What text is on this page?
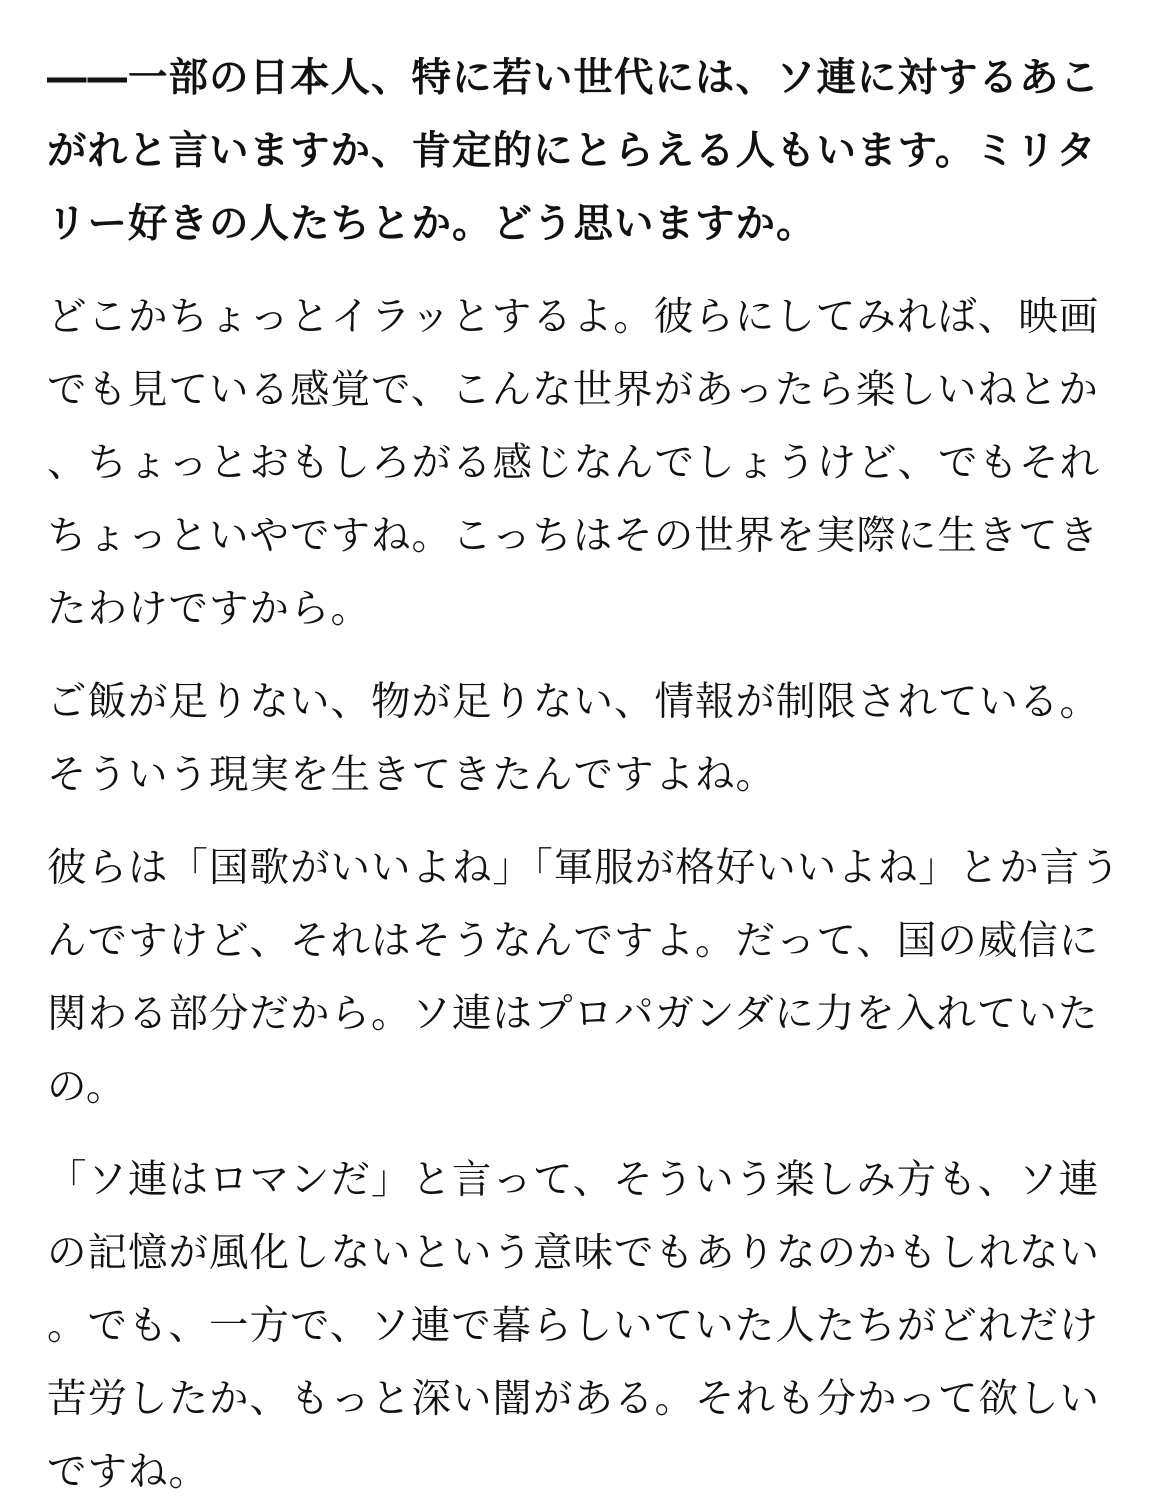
――一部の日本人、特に若い世代には、ソ連に対するあこがれと言いますか、肯定的にとらえる人もいます。ミリタリー好きの人たちとか。どう思いますか。

どこかちょっとイラッとするよ。彼らにしてみれば、映画でも見ている感覚で、こんな世界があったら楽しいねとか、ちょっとおもしろがる感じなんでしょうけど、でもそれちょっといやですね。こっちはその世界を実際に生きてきたわけですから。

ご飯が足りない、物が足りない、情報が制限されている。そういう現実を生きてきたんですよね。

彼らは「国歌がいいよね」「軍服が格好いいよね」とか言うんですけど、それはそうなんですよ。だって、国の威信に関わる部分だから。ソ連はプロパガンダに力を入れていたの。

「ソ連はロマンだ」と言って、そういう楽しみ方も、ソ連の記憶が風化しないという意味でもありなのかもしれない。でも、一方で、ソ連で暮らしいていた人たちがどれだけ苦労したか、もっと深い闇がある。それも分かって欲しいですね。
